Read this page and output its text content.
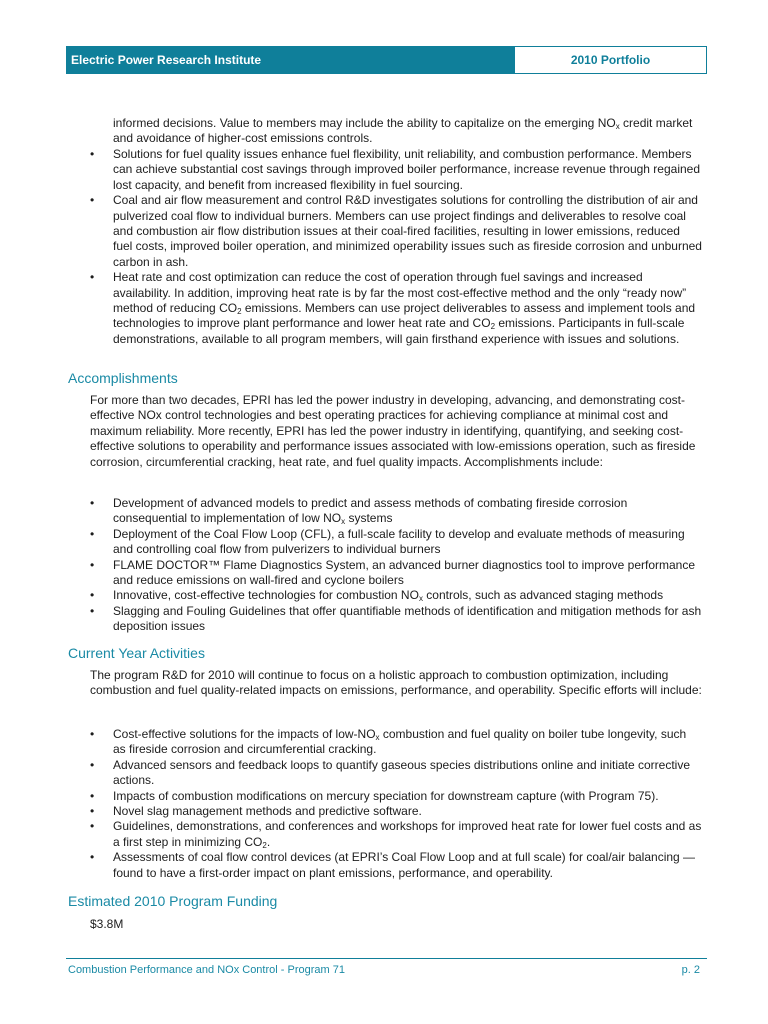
Electric Power Research Institute	2010 Portfolio

informed decisions. Value to members may include the ability to capitalize on the emerging $NO_x$ credit market and avoidance of higher-cost emissions controls.

• Solutions for fuel quality issues enhance fuel flexibility, unit reliability, and combustion performance. Members can achieve substantial cost savings through improved boiler performance, increase revenue through regained lost capacity, and benefit from increased flexibility in fuel sourcing.
• Coal and air flow measurement and control R&D investigates solutions for controlling the distribution of air and pulverized coal flow to individual burners. Members can use project findings and deliverables to resolve coal and combustion air flow distribution issues at their coal-fired facilities, resulting in lower emissions, reduced fuel costs, improved boiler operation, and minimized operability issues such as fireside corrosion and unburned carbon in ash.
• Heat rate and cost optimization can reduce the cost of operation through fuel savings and increased availability. In addition, improving heat rate is by far the most cost-effective method and the only “ready now” method of reducing $CO_2$ emissions. Members can use project deliverables to assess and implement tools and technologies to improve plant performance and lower heat rate and $CO_2$ emissions. Participants in full-scale demonstrations, available to all program members, will gain firsthand experience with issues and solutions.
Accomplishments

For more than two decades, EPRI has led the power industry in developing, advancing, and demonstrating cost-effective NOx control technologies and best operating practices for achieving compliance at minimal cost and maximum reliability. More recently, EPRI has led the power industry in identifying, quantifying, and seeking cost-effective solutions to operability and performance issues associated with low-emissions operation, such as fireside corrosion, circumferential cracking, heat rate, and fuel quality impacts. Accomplishments include:

• Development of advanced models to predict and assess methods of combating fireside corrosion consequential to implementation of low $NO_x$ systems
• Deployment of the Coal Flow Loop (CFL), a full-scale facility to develop and evaluate methods of measuring and controlling coal flow from pulverizers to individual burners
• FLAME DOCTOR™ Flame Diagnostics System, an advanced burner diagnostics tool to improve performance and reduce emissions on wall-fired and cyclone boilers
• Innovative, cost-effective technologies for combustion $NO_x$ controls, such as advanced staging methods
• Slagging and Fouling Guidelines that offer quantifiable methods of identification and mitigation methods for ash deposition issues
Current Year Activities

The program R&D for 2010 will continue to focus on a holistic approach to combustion optimization, including combustion and fuel quality-related impacts on emissions, performance, and operability. Specific efforts will include:

• Cost-effective solutions for the impacts of low-$NO_x$ combustion and fuel quality on boiler tube longevity, such as fireside corrosion and circumferential cracking.
• Advanced sensors and feedback loops to quantify gaseous species distributions online and initiate corrective actions.
• Impacts of combustion modifications on mercury speciation for downstream capture (with Program 75).
• Novel slag management methods and predictive software.
• Guidelines, demonstrations, and conferences and workshops for improved heat rate for lower fuel costs and as a first step in minimizing $CO_2$.
• Assessments of coal flow control devices (at EPRI’s Coal Flow Loop and at full scale) for coal/air balancing — found to have a first-order impact on plant emissions, performance, and operability.
Estimated 2010 Program Funding

$3.8M

Combustion Performance and NOx Control - Program 71	p. 2
